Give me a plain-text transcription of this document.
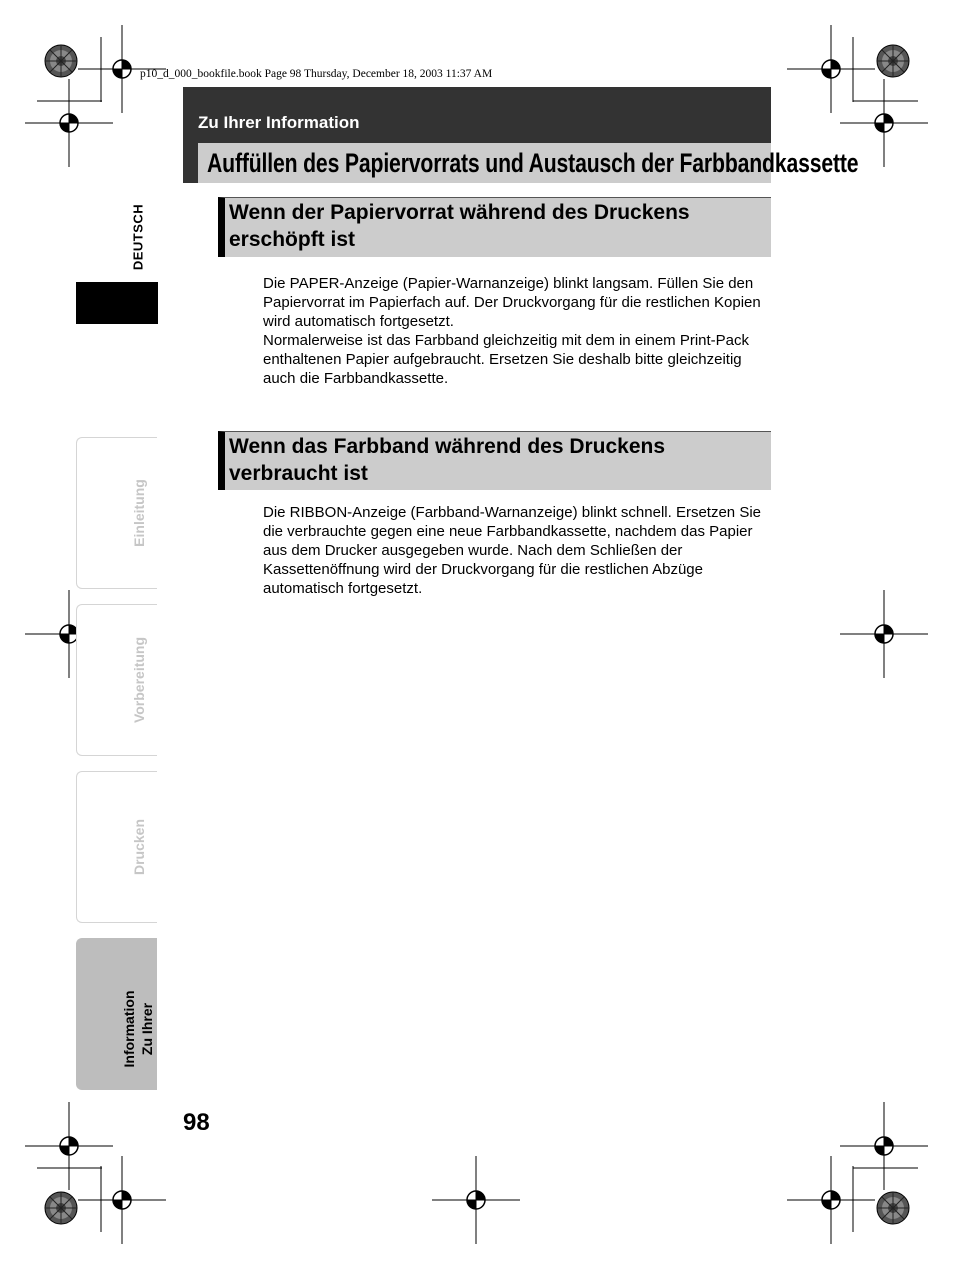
p10_d_000_bookfile.book Page 98 Thursday, December 18, 2003 11:37 AM
Zu Ihrer Information
Auffüllen des Papiervorrats und Austausch der Farbbandkassette
Wenn der Papiervorrat während des Druckens
erschöpft ist

Die PAPER-Anzeige (Papier-Warnanzeige) blinkt langsam. Füllen Sie den Papiervorrat im Papierfach auf. Der Druckvorgang für die restlichen Kopien wird automatisch fortgesetzt.

Normalerweise ist das Farbband gleichzeitig mit dem in einem Print-Pack enthaltenen Papier aufgebraucht. Ersetzen Sie deshalb bitte gleichzeitig auch die Farbbandkassette.

Wenn das Farbband während des Druckens
verbraucht ist

Die RIBBON-Anzeige (Farbband-Warnanzeige) blinkt schnell. Ersetzen Sie die verbrauchte gegen eine neue Farbbandkassette, nachdem das Papier aus dem Drucker ausgegeben wurde. Nach dem Schließen der Kassettenöffnung wird der Druckvorgang für die restlichen Abzüge automatisch fortgesetzt.

DEUTSCH
Einleitung
Vorbereitung
Drucken
Zu Ihrer
Information
98
